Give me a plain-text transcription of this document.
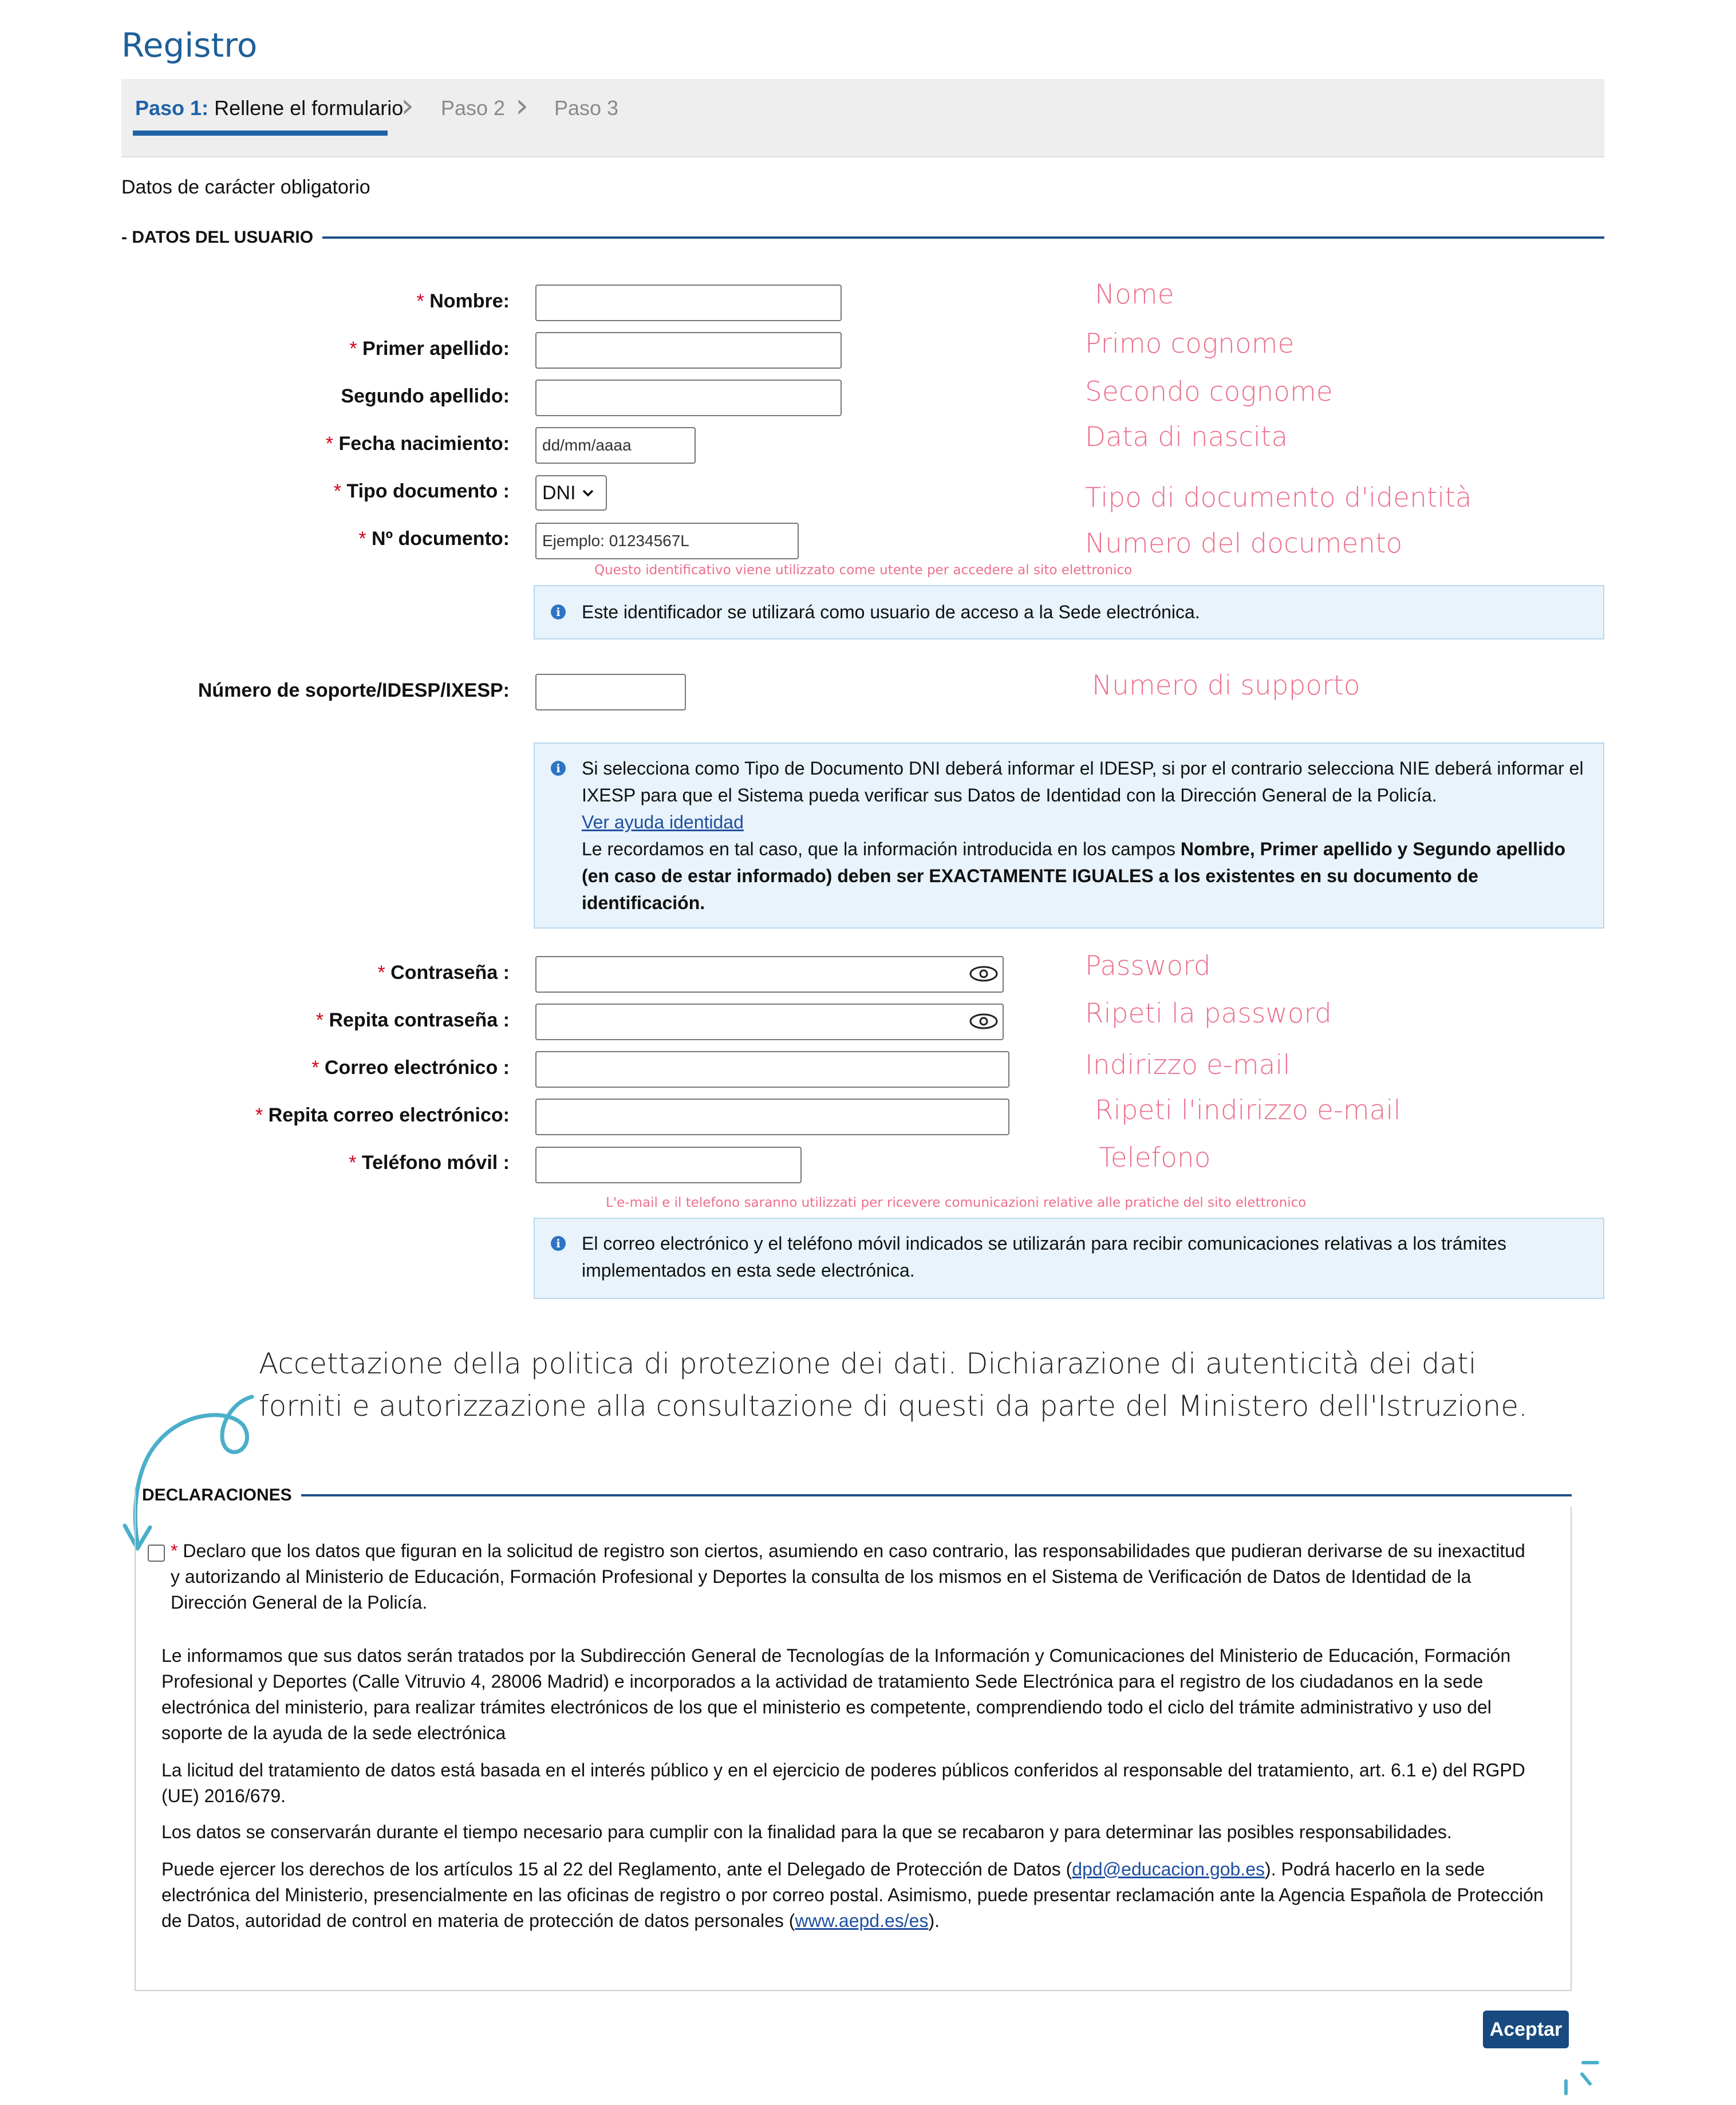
Registro
Paso 1: Rellene el formulario
› Paso 2 › Paso 3
Datos de carácter obligatorio
- DATOS DEL USUARIO
* Nombre:	Nome
* Primer apellido:	Primo cognome
Segundo apellido:	Secondo cognome
* Fecha nacimiento:	dd/mm/aaaa	Data di nascita
* Tipo documento : DNI	Tipo di documento d'identità
* Nº documento:	Ejemplo: 01234567L	Numero del documento
Questo identificativo viene utilizzato come utente per accedere al sito elettronico
i Este identificador se utilizará como usuario de acceso a la Sede electrónica.
Número de soporte/IDESP/IXESP:	Numero di supporto
i Si selecciona como Tipo de Documento DNI deberá informar el IDESP, si por el contrario selecciona NIE deberá informar el IXESP para que el Sistema pueda verificar sus Datos de Identidad con la Dirección General de la Policía.
Ver ayuda identidad
Le recordamos en tal caso, que la información introducida en los campos Nombre, Primer apellido y Segundo apellido (en caso de estar informado) deben ser EXACTAMENTE IGUALES a los existentes en su documento de identificación.
* Contraseña :	Password
* Repita contraseña :	Ripeti la password
* Correo electrónico :	Indirizzo e-mail
* Repita correo electrónico:	Ripeti l'indirizzo e-mail
* Teléfono móvil :	Telefono
L'e-mail e il telefono saranno utilizzati per ricevere comunicazioni relative alle pratiche del sito elettronico
i El correo electrónico y el teléfono móvil indicados se utilizarán para recibir comunicaciones relativas a los trámites implementados en esta sede electrónica.
Accettazione della politica di protezione dei dati. Dichiarazione di autenticità dei dati
forniti e autorizzazione alla consultazione di questi da parte del Ministero dell'Istruzione.
DECLARACIONES
* Declaro que los datos que figuran en la solicitud de registro son ciertos, asumiendo en caso contrario, las responsabilidades que pudieran derivarse de su inexactitud y autorizando al Ministerio de Educación, Formación Profesional y Deportes la consulta de los mismos en el Sistema de Verificación de Datos de Identidad de la Dirección General de la Policía.
Le informamos que sus datos serán tratados por la Subdirección General de Tecnologías de la Información y Comunicaciones del Ministerio de Educación, Formación Profesional y Deportes (Calle Vitruvio 4, 28006 Madrid) e incorporados a la actividad de tratamiento Sede Electrónica para el registro de los ciudadanos en la sede electrónica del ministerio, para realizar trámites electrónicos de los que el ministerio es competente, comprendiendo todo el ciclo del trámite administrativo y uso del soporte de la ayuda de la sede electrónica
La licitud del tratamiento de datos está basada en el interés público y en el ejercicio de poderes públicos conferidos al responsable del tratamiento, art. 6.1 e) del RGPD (UE) 2016/679.
Los datos se conservarán durante el tiempo necesario para cumplir con la finalidad para la que se recabaron y para determinar las posibles responsabilidades.
Puede ejercer los derechos de los artículos 15 al 22 del Reglamento, ante el Delegado de Protección de Datos (dpd@educacion.gob.es). Podrá hacerlo en la sede electrónica del Ministerio, presencialmente en las oficinas de registro o por correo postal. Asimismo, puede presentar reclamación ante la Agencia Española de Protección de Datos, autoridad de control en materia de protección de datos personales (www.aepd.es/es).
Aceptar
